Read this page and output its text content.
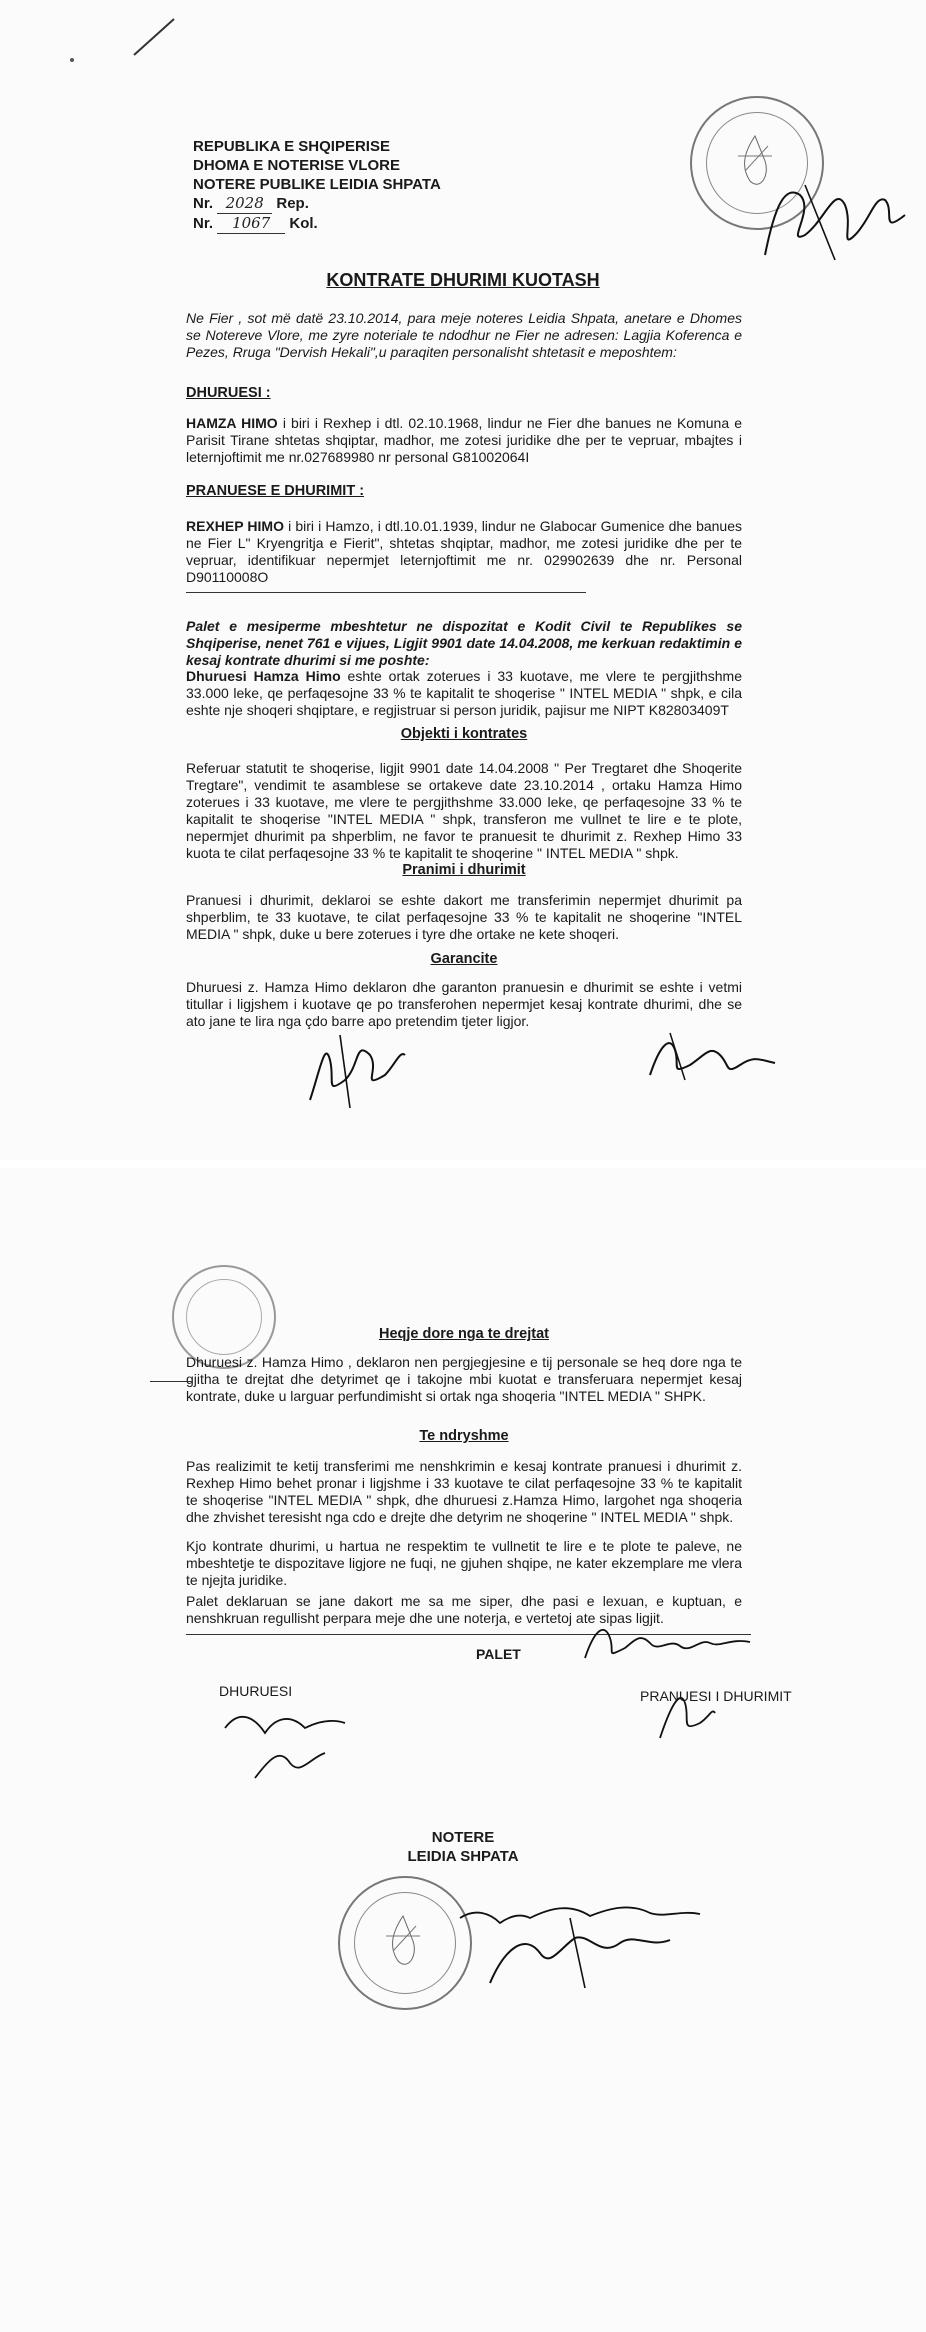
REPUBLIKA E SHQIPERISE
DHOMA E NOTERISE VLORE
NOTERE PUBLIKE LEIDIA SHPATA
Nr. 2028 Rep.
Nr. 1067 Kol.
KONTRATE DHURIMI KUOTASH
Ne Fier , sot më datë 23.10.2014, para meje noteres Leidia Shpata, anetare e Dhomes se Notereve Vlore, me zyre noteriale te ndodhur ne Fier ne adresen: Lagjia Koferenca e Pezes, Rruga "Dervish Hekali",u paraqiten personalisht shtetasit e meposhtem:
DHURUESI :
HAMZA HIMO i biri i Rexhep i dtl. 02.10.1968, lindur ne Fier dhe banues ne Komuna e Parisit Tirane shtetas shqiptar, madhor, me zotesi juridike dhe per te vepruar, mbajtes i leternjoftimit me nr.027689980 nr personal G81002064I
PRANUESE E DHURIMIT :
REXHEP HIMO i biri i Hamzo, i dtl.10.01.1939, lindur ne Glabocar Gumenice dhe banues ne Fier L" Kryengritja e Fierit", shtetas shqiptar, madhor, me zotesi juridike dhe per te vepruar, identifikuar nepermjet leternjoftimit me nr. 029902639 dhe nr. Personal D90110008O
Palet e mesiperme mbeshtetur ne dispozitat e Kodit Civil te Republikes se Shqiperise, nenet 761 e vijues, Ligjit 9901 date 14.04.2008, me kerkuan redaktimin e kesaj kontrate dhurimi si me poshte:
Dhuruesi Hamza Himo eshte ortak zoterues i 33 kuotave, me vlere te pergjithshme 33.000 leke, qe perfaqesojne 33 % te kapitalit te shoqerise " INTEL MEDIA " shpk, e cila eshte nje shoqeri shqiptare, e regjistruar si person juridik, pajisur me NIPT K82803409T
Objekti i kontrates
Referuar statutit te shoqerise, ligjit 9901 date 14.04.2008 " Per Tregtaret dhe Shoqerite Tregtare", vendimit te asamblese se ortakeve date 23.10.2014 , ortaku Hamza Himo zoterues i 33 kuotave, me vlere te pergjithshme 33.000 leke, qe perfaqesojne 33 % te kapitalit te shoqerise "INTEL MEDIA " shpk, transferon me vullnet te lire e te plote, nepermjet dhurimit pa shperblim, ne favor te pranuesit te dhurimit z. Rexhep Himo 33 kuota te cilat perfaqesojne 33 % te kapitalit te shoqerine " INTEL MEDIA " shpk.
Pranimi i dhurimit
Pranuesi i dhurimit, deklaroi se eshte dakort me transferimin nepermjet dhurimit pa shperblim, te 33 kuotave, te cilat perfaqesojne 33 % te kapitalit ne shoqerine "INTEL MEDIA " shpk, duke u bere zoterues i tyre dhe ortake ne kete shoqeri.
Garancite
Dhuruesi z. Hamza Himo deklaron dhe garanton pranuesin e dhurimit se eshte i vetmi titullar i ligjshem i kuotave qe po transferohen nepermjet kesaj kontrate dhurimi, dhe se ato jane te lira nga çdo barre apo pretendim tjeter ligjor.
Heqje dore nga te drejtat
Dhuruesi z. Hamza Himo , deklaron nen pergjegjesine e tij personale se heq dore nga te gjitha te drejtat dhe detyrimet qe i takojne mbi kuotat e transferuara nepermjet kesaj kontrate, duke u larguar perfundimisht si ortak nga shoqeria "INTEL MEDIA " SHPK.
Te ndryshme
Pas realizimit te ketij transferimi me nenshkrimin e kesaj kontrate pranuesi i dhurimit z. Rexhep Himo behet pronar i ligjshme i 33 kuotave te cilat perfaqesojne 33 % te kapitalit te shoqerise "INTEL MEDIA " shpk, dhe dhuruesi z.Hamza Himo, largohet nga shoqeria dhe zhvishet teresisht nga cdo e drejte dhe detyrim ne shoqerine " INTEL MEDIA " shpk.
Kjo kontrate dhurimi, u hartua ne respektim te vullnetit te lire e te plote te paleve, ne mbeshtetje te dispozitave ligjore ne fuqi, ne gjuhen shqipe, ne kater ekzemplare me vlera te njejta juridike.
Palet deklaruan se jane dakort me sa me siper, dhe pasi e lexuan, e kuptuan, e nenshkruan regullisht perpara meje dhe une noterja, e vertetoj ate sipas ligjit.
PALET
DHURUESI	PRANUESI I DHURIMIT
NOTERE
LEIDIA SHPATA
